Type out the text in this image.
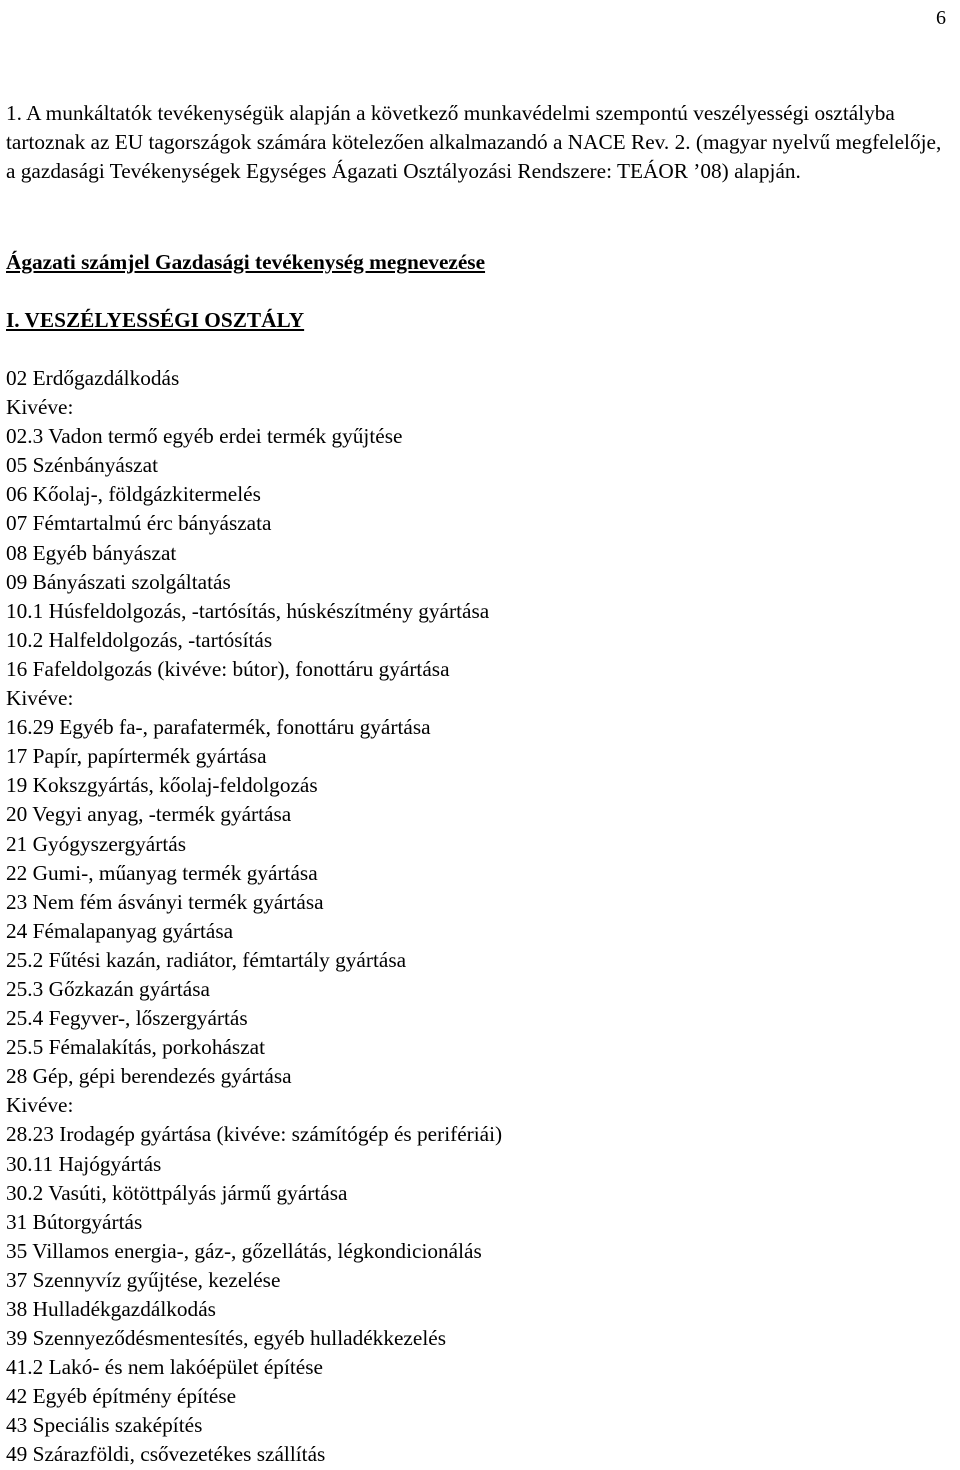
6

1. A munkáltatók tevékenységük alapján a következő munkavédelmi szempontú veszélyességi osztályba tartoznak az EU tagországok számára kötelezően alkalmazandó a NACE Rev. 2. (magyar nyelvű megfelelője, a gazdasági Tevékenységek Egységes Ágazati Osztályozási Rendszere: TEÁOR ’08) alapján.

Ágazati számjel Gazdasági tevékenység megnevezése
I. VESZÉLYESSÉGI OSZTÁLY
02 Erdőgazdálkodás
Kivéve:
02.3 Vadon termő egyéb erdei termék gyűjtése
05 Szénbányászat
06 Kőolaj-, földgázkitermelés
07 Fémtartalmú érc bányászata
08 Egyéb bányászat
09 Bányászati szolgáltatás
10.1 Húsfeldolgozás, -tartósítás, húskészítmény gyártása
10.2 Halfeldolgozás, -tartósítás
16 Fafeldolgozás (kivéve: bútor), fonottáru gyártása
Kivéve:
16.29 Egyéb fa-, parafatermék, fonottáru gyártása
17 Papír, papírtermék gyártása
19 Kokszgyártás, kőolaj-feldolgozás
20 Vegyi anyag, -termék gyártása
21 Gyógyszergyártás
22 Gumi-, műanyag termék gyártása
23 Nem fém ásványi termék gyártása
24 Fémalapanyag gyártása
25.2 Fűtési kazán, radiátor, fémtartály gyártása
25.3 Gőzkazán gyártása
25.4 Fegyver-, lőszergyártás
25.5 Fémalakítás, porkohászat
28 Gép, gépi berendezés gyártása
Kivéve:
28.23 Irodagép gyártása (kivéve: számítógép és perifériái)
30.11 Hajógyártás
30.2 Vasúti, kötöttpályás jármű gyártása
31 Bútorgyártás
35 Villamos energia-, gáz-, gőzellátás, légkondicionálás
37 Szennyvíz gyűjtése, kezelése
38 Hulladékgazdálkodás
39 Szennyeződésmentesítés, egyéb hulladékkezelés
41.2 Lakó- és nem lakóépület építése
42 Egyéb építmény építése
43 Speciális szaképítés
49 Szárazföldi, csővezetékes szállítás
